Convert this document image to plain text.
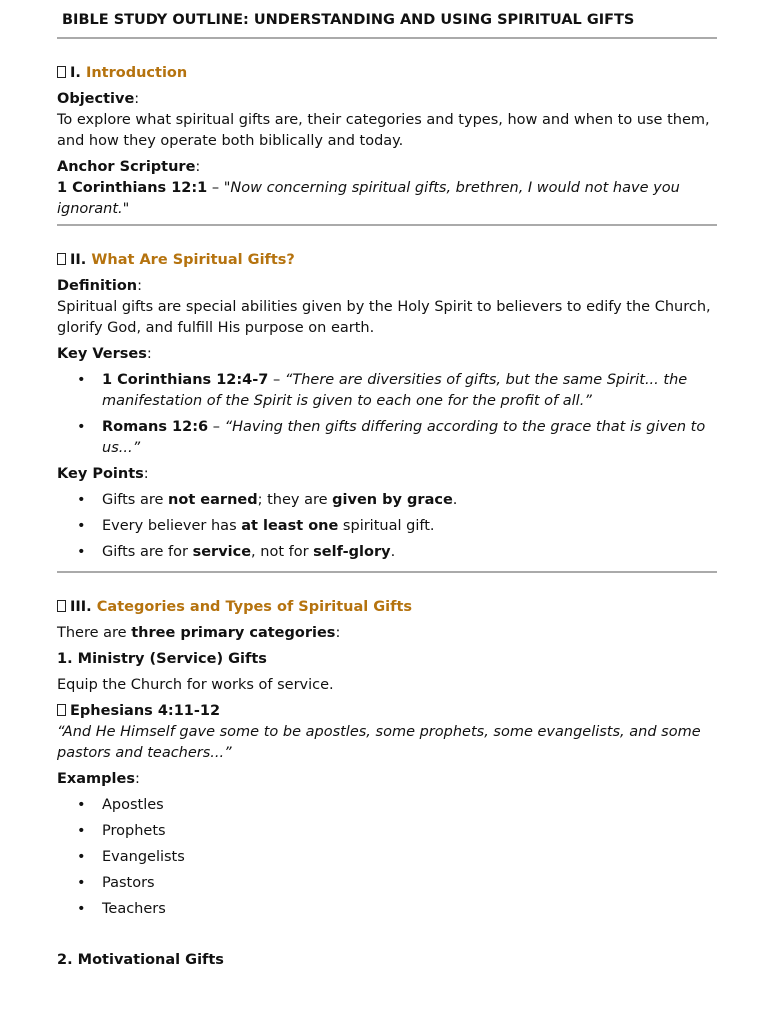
BIBLE STUDY OUTLINE: UNDERSTANDING AND USING SPIRITUAL GIFTS
I. Introduction

Objective:

To explore what spiritual gifts are, their categories and types, how and when to use them, and how they operate both biblically and today.

Anchor Scripture:

1 Corinthians 12:1 – "Now concerning spiritual gifts, brethren, I would not have you ignorant."

II. What Are Spiritual Gifts?

Definition:

Spiritual gifts are special abilities given by the Holy Spirit to believers to edify the Church, glorify God, and fulfill His purpose on earth.

Key Verses:

• 1 Corinthians 12:4-7 – “There are diversities of gifts, but the same Spirit... the manifestation of the Spirit is given to each one for the profit of all.”
• Romans 12:6 – “Having then gifts differing according to the grace that is given to us...”

Key Points:

• Gifts are not earned; they are given by grace.
• Every believer has at least one spiritual gift.
• Gifts are for service, not for self-glory.
III. Categories and Types of Spiritual Gifts

There are three primary categories:

1. Ministry (Service) Gifts

Equip the Church for works of service.

Ephesians 4:11-12

“And He Himself gave some to be apostles, some prophets, some evangelists, and some pastors and teachers...”

Examples:

• Apostles
• Prophets
• Evangelists
• Pastors
• Teachers

2. Motivational Gifts
